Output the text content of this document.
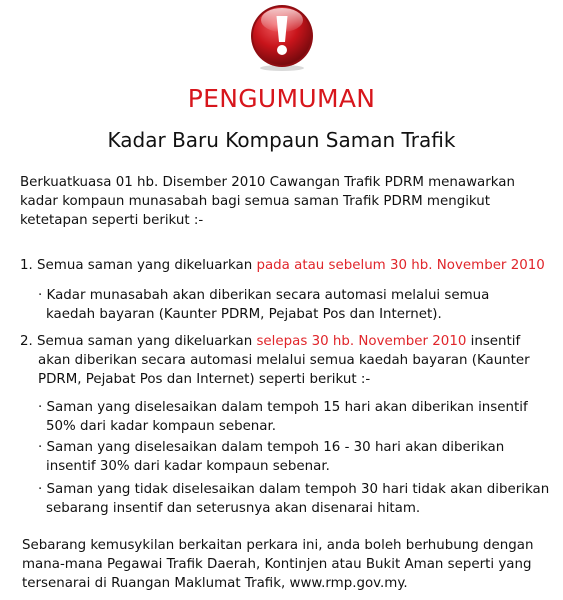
PENGUMUMAN
Kadar Baru Kompaun Saman Trafik

Berkuatkuasa 01 hb. Disember 2010 Cawangan Trafik PDRM menawarkan kadar kompaun munasabah bagi semua saman Trafik PDRM mengikut ketetapan seperti berikut :-

1. Semua saman yang dikeluarkan pada atau sebelum 30 hb. November 2010

· Kadar munasabah akan diberikan secara automasi melalui semua kaedah bayaran (Kaunter PDRM, Pejabat Pos dan Internet).

2. Semua saman yang dikeluarkan selepas 30 hb. November 2010 insentif akan diberikan secara automasi melalui semua kaedah bayaran (Kaunter PDRM, Pejabat Pos dan Internet) seperti berikut :-

· Saman yang diselesaikan dalam tempoh 15 hari akan diberikan insentif 50% dari kadar kompaun sebenar.

· Saman yang diselesaikan dalam tempoh 16 - 30 hari akan diberikan insentif 30% dari kadar kompaun sebenar.

· Saman yang tidak diselesaikan dalam tempoh 30 hari tidak akan diberikan sebarang insentif dan seterusnya akan disenarai hitam.

Sebarang kemusykilan berkaitan perkara ini, anda boleh berhubung dengan mana-mana Pegawai Trafik Daerah, Kontinjen atau Bukit Aman seperti yang tersenarai di Ruangan Maklumat Trafik, www.rmp.gov.my.
